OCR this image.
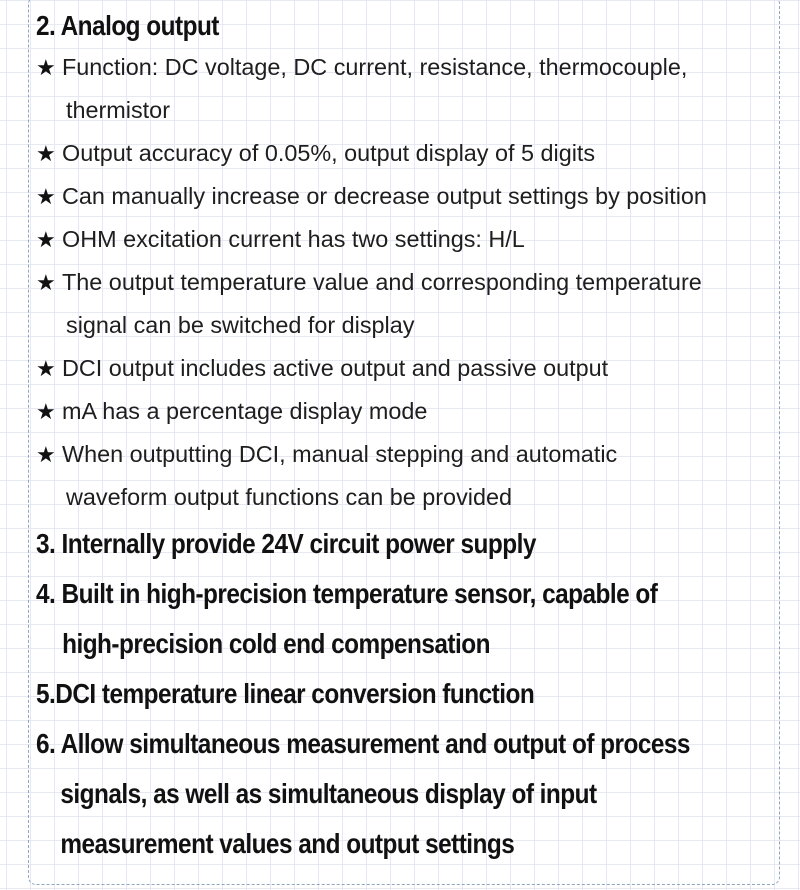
2. Analog output
★ Function: DC voltage, DC current, resistance, thermocouple,
thermistor
★ Output accuracy of 0.05%, output display of 5 digits
★ Can manually increase or decrease output settings by position
★ OHM excitation current has two settings: H/L
★ The output temperature value and corresponding temperature
signal can be switched for display
★ DCI output includes active output and passive output
★ mA has a percentage display mode
★ When outputting DCI, manual stepping and automatic
waveform output functions can be provided
3. Internally provide 24V circuit power supply
4. Built in high-precision temperature sensor, capable of
high-precision cold end compensation
5.DCI temperature linear conversion function
6. Allow simultaneous measurement and output of process
signals, as well as simultaneous display of input
measurement values and output settings
